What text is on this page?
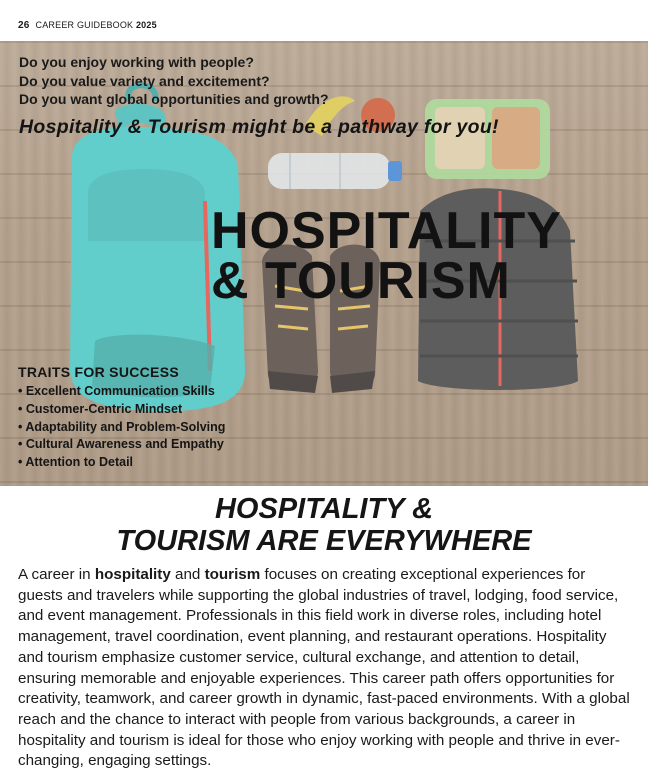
26 CAREER GUIDEBOOK 2025
Do you enjoy working with people?
Do you value variety and excitement?
Do you want global opportunities and growth?
Hospitality & Tourism might be a pathway for you!
HOSPITALITY
& TOURISM
TRAITS FOR SUCCESS
• Excellent Communication Skills
• Customer-Centric Mindset
• Adaptability and Problem-Solving
• Cultural Awareness and Empathy
• Attention to Detail
HOSPITALITY &
TOURISM ARE EVERYWHERE
A career in hospitality and tourism focuses on creating exceptional experiences for guests and travelers while supporting the global industries of travel, lodging, food service, and event management. Professionals in this field work in diverse roles, including hotel management, travel coordination, event planning, and restaurant operations. Hospitality and tourism emphasize customer service, cultural exchange, and attention to detail, ensuring memorable and enjoyable experiences. This career path offers opportunities for creativity, teamwork, and career growth in dynamic, fast-paced environments. With a global reach and the chance to interact with people from various backgrounds, a career in hospitality and tourism is ideal for those who enjoy working with people and thrive in ever-changing, engaging settings.
